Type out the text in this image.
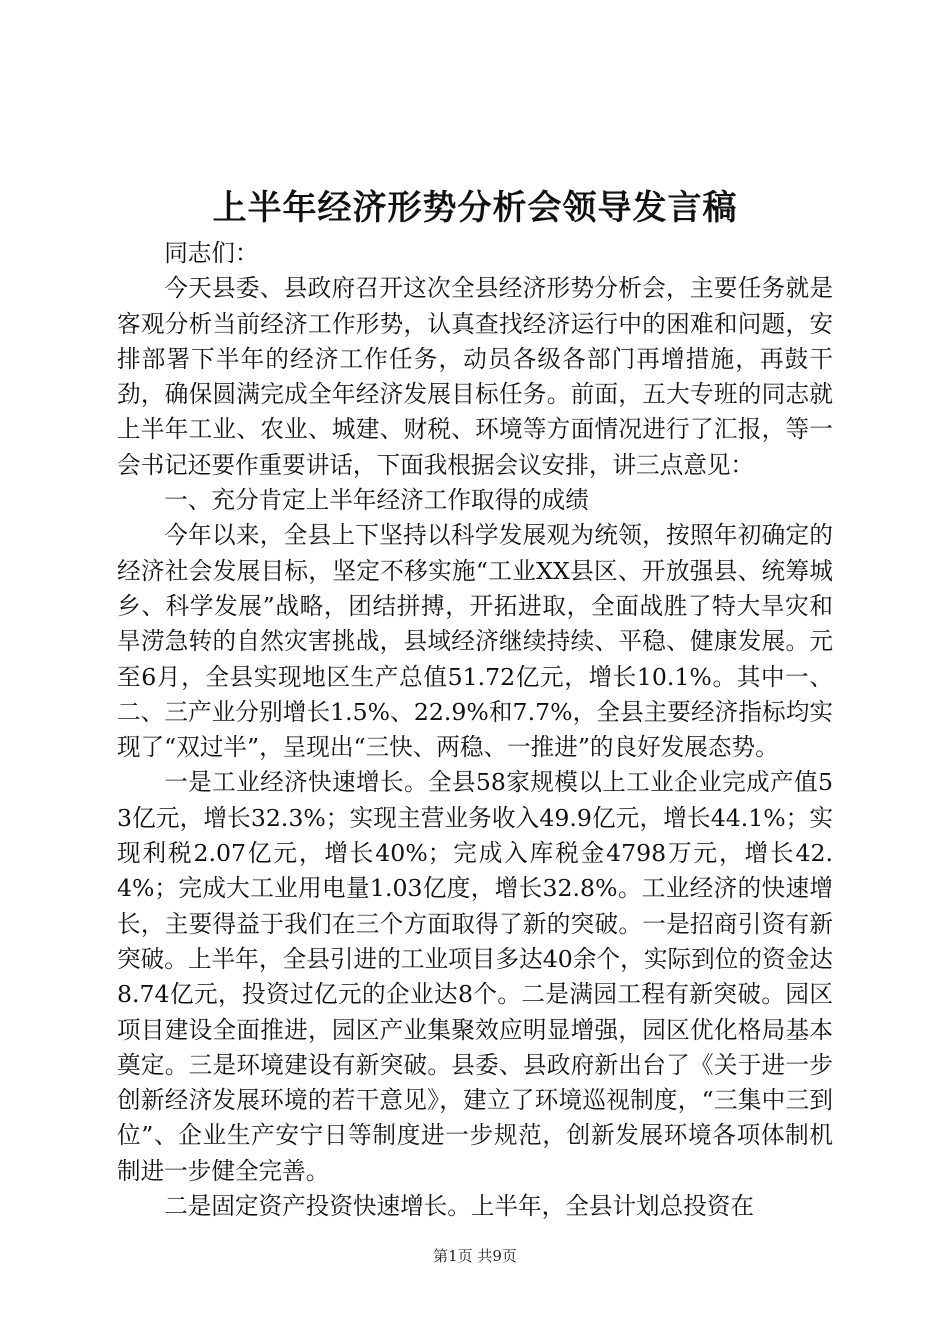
上半年经济形势分析会领导发言稿

同志们：

今天县委、县政府召开这次全县经济形势分析会，主要任务就是客观分析当前经济工作形势，认真查找经济运行中的困难和问题，安排部署下半年的经济工作任务，动员各级各部门再增措施，再鼓干劲，确保圆满完成全年经济发展目标任务。前面，五大专班的同志就上半年工业、农业、城建、财税、环境等方面情况进行了汇报，等一会书记还要作重要讲话，下面我根据会议安排，讲三点意见：

一、充分肯定上半年经济工作取得的成绩

今年以来，全县上下坚持以科学发展观为统领，按照年初确定的经济社会发展目标，坚定不移实施“工业XX县区、开放强县、统筹城乡、科学发展”战略，团结拼搏，开拓进取，全面战胜了特大旱灾和旱涝急转的自然灾害挑战，县域经济继续持续、平稳、健康发展。元至6月，全县实现地区生产总值51.72亿元，增长10.1%。其中一、二、三产业分别增长1.5%、22.9%和7.7%，全县主要经济指标均实现了“双过半”，呈现出“三快、两稳、一推进”的良好发展态势。

一是工业经济快速增长。全县58家规模以上工业企业完成产值53亿元，增长32.3%；实现主营业务收入49.9亿元，增长44.1%；实现利税2.07亿元，增长40%；完成入库税金4798万元，增长42.4%；完成大工业用电量1.03亿度，增长32.8%。工业经济的快速增长，主要得益于我们在三个方面取得了新的突破。一是招商引资有新突破。上半年，全县引进的工业项目多达40余个，实际到位的资金达8.74亿元，投资过亿元的企业达8个。二是满园工程有新突破。园区项目建设全面推进，园区产业集聚效应明显增强，园区优化格局基本奠定。三是环境建设有新突破。县委、县政府新出台了《关于进一步创新经济发展环境的若干意见》，建立了环境巡视制度，“三集中三到位”、企业生产安宁日等制度进一步规范，创新发展环境各项体制机制进一步健全完善。

二是固定资产投资快速增长。上半年，全县计划总投资在

第1页 共9页
